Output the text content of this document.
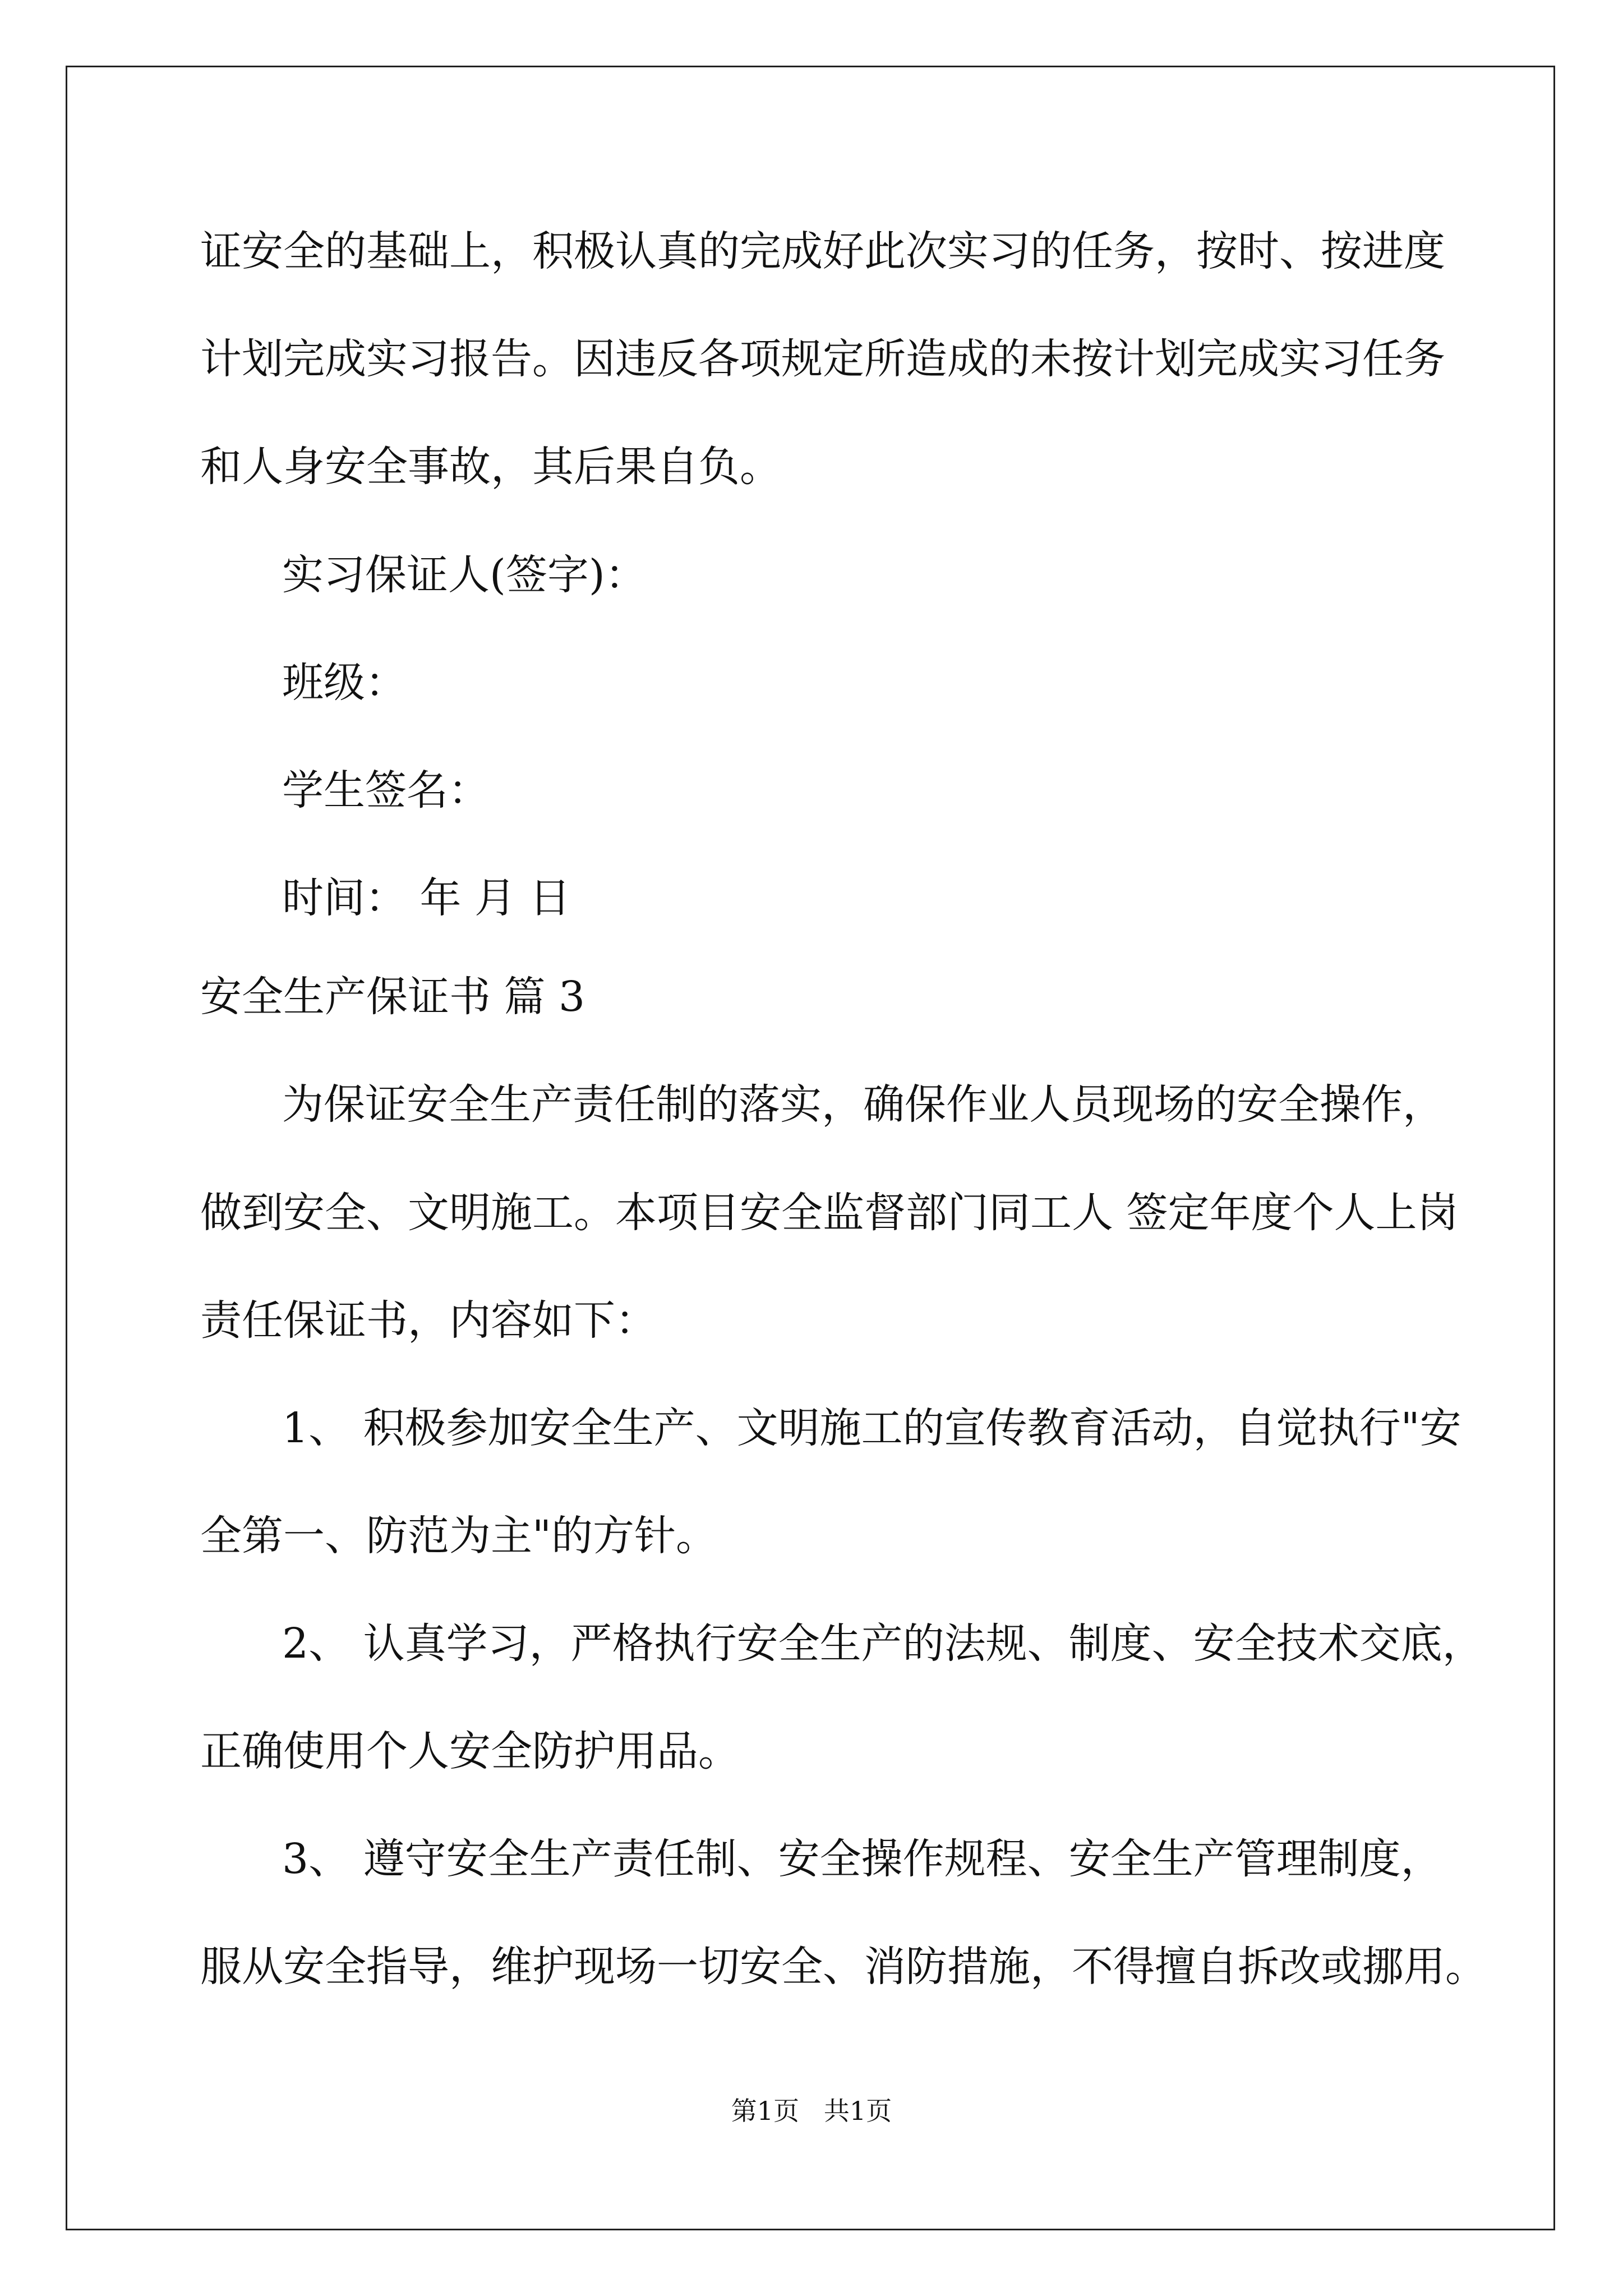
证安全的基础上，积极认真的完成好此次实习的任务，按时、按进度
计划完成实习报告。因违反各项规定所造成的未按计划完成实习任务
和人身安全事故，其后果自负。
实习保证人(签字)：
班级：
学生签名：
时间： 年 月 日
安全生产保证书 篇 3
为保证安全生产责任制的落实，确保作业人员现场的安全操作，
做到安全、文明施工。本项目安全监督部门同工人 签定年度个人上岗
责任保证书，内容如下：
1、 积极参加安全生产、文明施工的宣传教育活动，自觉执行"安
全第一、防范为主"的方针。
2、 认真学习，严格执行安全生产的法规、制度、安全技术交底，
正确使用个人安全防护用品。
3、 遵守安全生产责任制、安全操作规程、安全生产管理制度，
服从安全指导，维护现场一切安全、消防措施，不得擅自拆改或挪用。
第1页   共1页
